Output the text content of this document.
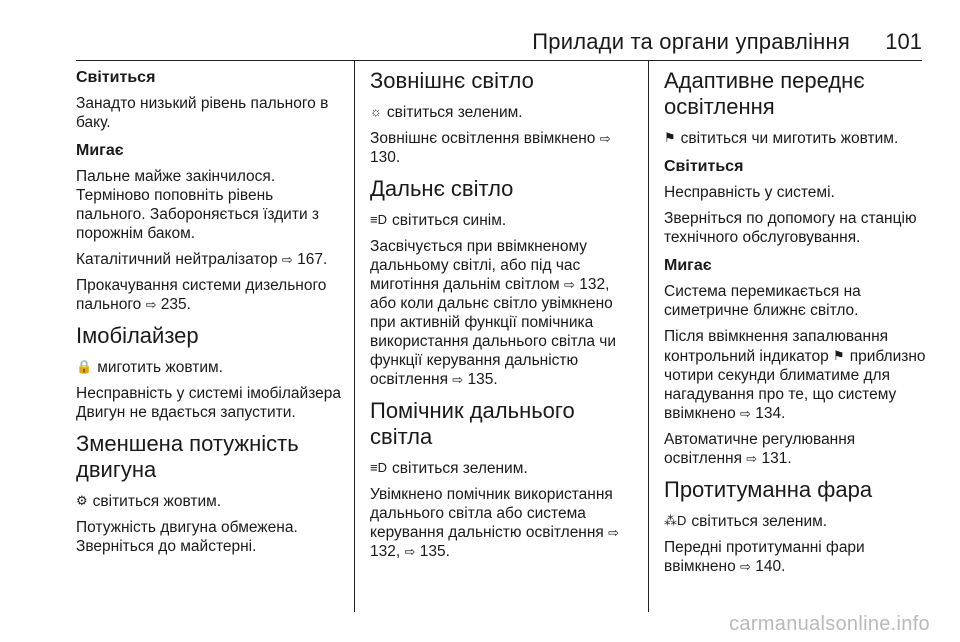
Прилади та органи управління 101
Світиться

Занадто низький рівень пального в баку.

Мигає

Пальне майже закінчилося. Терміново поповніть рівень пального. Забороняється їздити з порожнім баком.

Каталітичний нейтралізатор ⇨ 167.

Прокачування системи дизельного пального ⇨ 235.

Імобілайзер

🔒 миготить жовтим.

Несправність у системі імобілайзера Двигун не вдається запустити.

Зменшена потужність двигуна

⚙ світиться жовтим.

Потужність двигуна обмежена. Зверніться до майстерні.

Зовнішнє світло

☼ світиться зеленим.

Зовнішнє освітлення ввімкнено ⇨ 130.

Дальнє світло

≡D світиться синім.

Засвічується при ввімкненому дальньому світлі, або під час миготіння дальнім світлом ⇨ 132, або коли дальнє світло увімкнено при активній функції помічника використання дальнього світла чи функції керування дальністю освітлення ⇨ 135.

Помічник дальнього світла

≡D світиться зеленим.

Увімкнено помічник використання дальнього світла або система керування дальністю освітлення ⇨ 132, ⇨ 135.

Адаптивне переднє освітлення

⚑ світиться чи миготить жовтим.

Світиться

Несправність у системі.

Зверніться по допомогу на станцію технічного обслуговування.

Мигає

Система перемикається на симетричне ближнє світло.

Після ввімкнення запалювання контрольний індикатор ⚑ приблизно чотири секунди блиматиме для нагадування про те, що систему ввімкнено ⇨ 134.

Автоматичне регулювання освітлення ⇨ 131.

Протитуманна фара

⁂D світиться зеленим.

Передні протитуманні фари ввімкнено ⇨ 140.

carmanualsonline.info
